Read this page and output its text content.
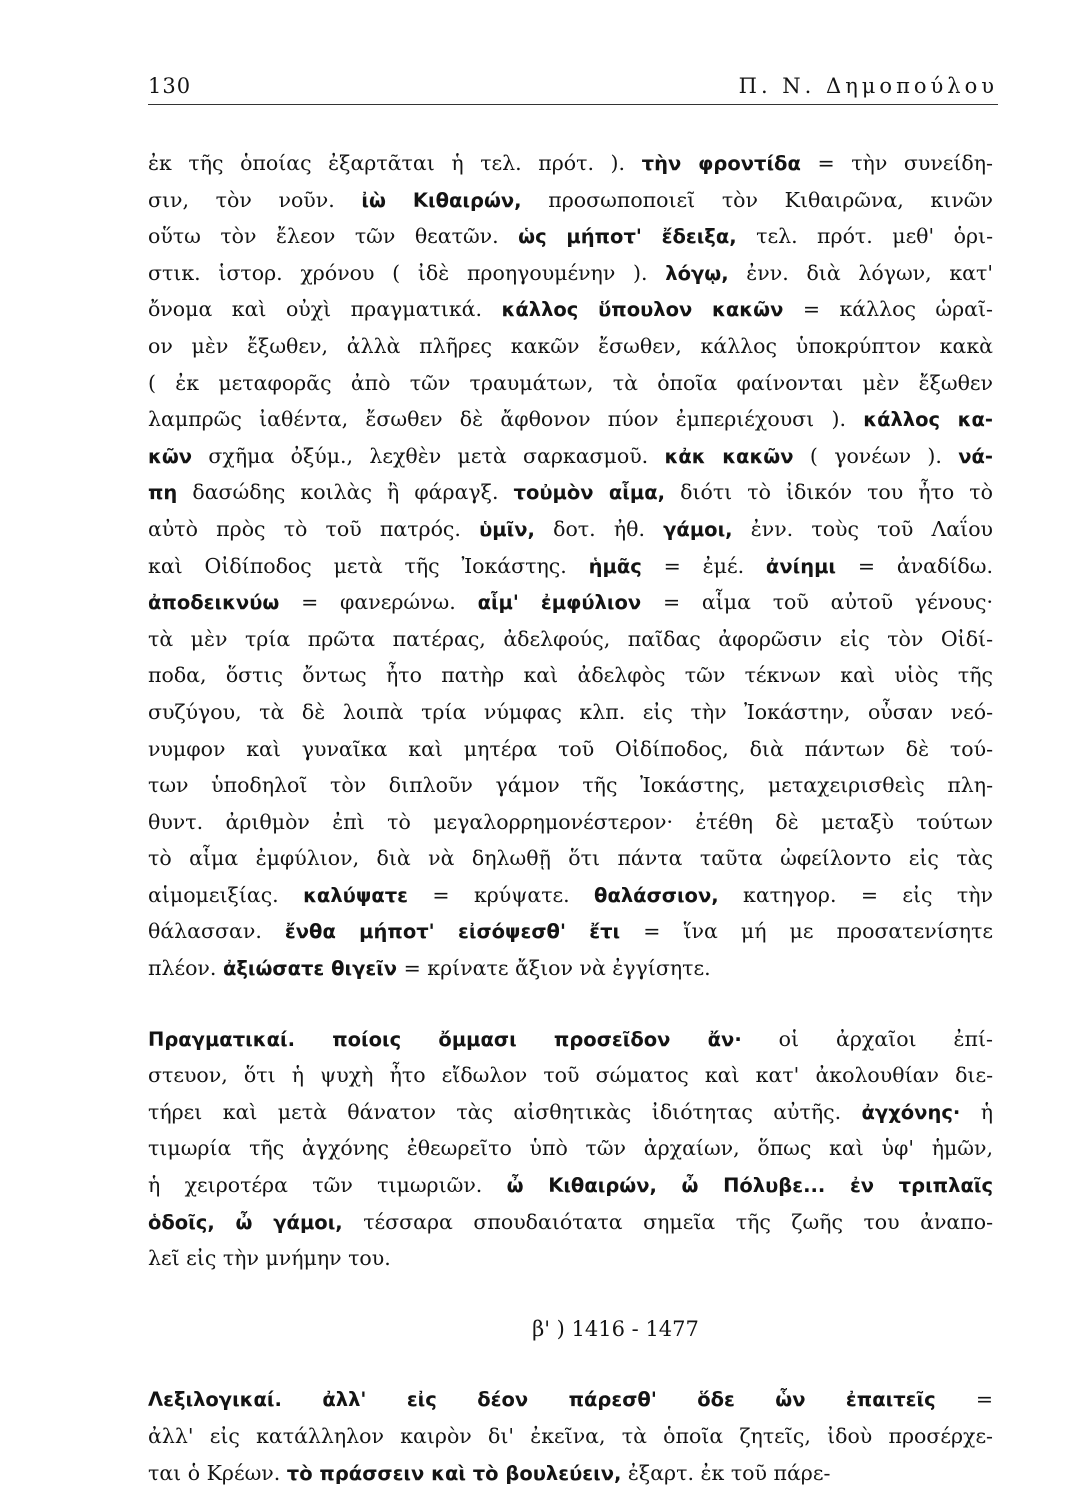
130	Π. Ν. Δημοπούλου
ἐκ τῆς ὁποίας ἐξαρτᾶται ἡ τελ. πρότ. ). τὴν φροντίδα = τὴν συνείδη-
σιν, τὸν νοῦν. ἰὼ Κιθαιρών, προσωποποιεῖ τὸν Κιθαιρῶνα, κινῶν
οὕτω τὸν ἔλεον τῶν θεατῶν. ὡς μήποτ' ἔδειξα, τελ. πρότ. μεθ' ὁρι-
στικ. ἱστορ. χρόνου ( ἰδὲ προηγουμένην ). λόγῳ, ἐνν. διὰ λόγων, κατ'
ὄνομα καὶ οὐχὶ πραγματικά. κάλλος ὕπουλον κακῶν = κάλλος ὡραῖ-
ον μὲν ἔξωθεν, ἀλλὰ πλῆρες κακῶν ἔσωθεν, κάλλος ὑποκρύπτον κακὰ
( ἐκ μεταφορᾶς ἀπὸ τῶν τραυμάτων, τὰ ὁποῖα φαίνονται μὲν ἔξωθεν
λαμπρῶς ἰαθέντα, ἔσωθεν δὲ ἄφθονον πύον ἐμπεριέχουσι ). κάλλος κα-
κῶν σχῆμα ὀξύμ., λεχθὲν μετὰ σαρκασμοῦ. κἀκ κακῶν ( γονέων ). νά-
πη δασώδης κοιλὰς ἢ φάραγξ. τοὐμὸν αἷμα, διότι τὸ ἰδικόν του ἦτο τὸ
αὐτὸ πρὸς τὸ τοῦ πατρός. ὑμῖν, δοτ. ἠθ. γάμοι, ἐνν. τοὺς τοῦ Λαΐου
καὶ Οἰδίποδος μετὰ τῆς Ἰοκάστης. ἡμᾶς = ἐμέ. ἀνίημι = ἀναδίδω.
ἀποδεικνύω = φανερώνω. αἷμ' ἐμφύλιον = αἷμα τοῦ αὐτοῦ γένους·
τὰ μὲν τρία πρῶτα πατέρας, ἀδελφούς, παῖδας ἀφορῶσιν εἰς τὸν Οἰδί-
ποδα, ὅστις ὄντως ἦτο πατὴρ καὶ ἀδελφὸς τῶν τέκνων καὶ υἱὸς τῆς
συζύγου, τὰ δὲ λοιπὰ τρία νύμφας κλπ. εἰς τὴν Ἰοκάστην, οὖσαν νεό-
νυμφον καὶ γυναῖκα καὶ μητέρα τοῦ Οἰδίποδος, διὰ πάντων δὲ τού-
των ὑποδηλοῖ τὸν διπλοῦν γάμον τῆς Ἰοκάστης, μεταχειρισθεὶς πλη-
θυντ. ἀριθμὸν ἐπὶ τὸ μεγαλορρημονέστερον· ἐτέθη δὲ μεταξὺ τούτων
τὸ αἷμα ἐμφύλιον, διὰ νὰ δηλωθῇ ὅτι πάντα ταῦτα ὠφείλοντο εἰς τὰς
αἱμομειξίας. καλύψατε = κρύψατε. θαλάσσιον, κατηγορ. = εἰς τὴν
θάλασσαν. ἔνθα μήποτ' εἰσόψεσθ' ἔτι = ἵνα μή με προσατενίσητε
πλέον. ἀξιώσατε θιγεῖν = κρίνατε ἄξιον νὰ ἐγγίσητε.
Πραγματικαί. ποίοις ὄμμασι προσεῖδον ἄν· οἱ ἀρχαῖοι ἐπί-
στευον, ὅτι ἡ ψυχὴ ἦτο εἴδωλον τοῦ σώματος καὶ κατ' ἀκολουθίαν διε-
τήρει καὶ μετὰ θάνατον τὰς αἰσθητικὰς ἰδιότητας αὐτῆς. ἀγχόνης· ἡ
τιμωρία τῆς ἀγχόνης ἐθεωρεῖτο ὑπὸ τῶν ἀρχαίων, ὅπως καὶ ὑφ' ἡμῶν,
ἡ χειροτέρα τῶν τιμωριῶν. ὦ Κιθαιρών, ὦ Πόλυβε... ἐν τριπλαῖς
ὁδοῖς, ὦ γάμοι, τέσσαρα σπουδαιότατα σημεῖα τῆς ζωῆς του ἀναπο-
λεῖ εἰς τὴν μνήμην του.
β' ) 1416 - 1477
Λεξιλογικαί. ἀλλ' εἰς δέον πάρεσθ' ὅδε ὧν ἐπαιτεῖς =
ἀλλ' εἰς κατάλληλον καιρὸν δι' ἐκεῖνα, τὰ ὁποῖα ζητεῖς, ἰδοὺ προσέρχε-
ται ὁ Κρέων. τὸ πράσσειν καὶ τὸ βουλεύειν, ἐξαρτ. ἐκ τοῦ πάρε-
